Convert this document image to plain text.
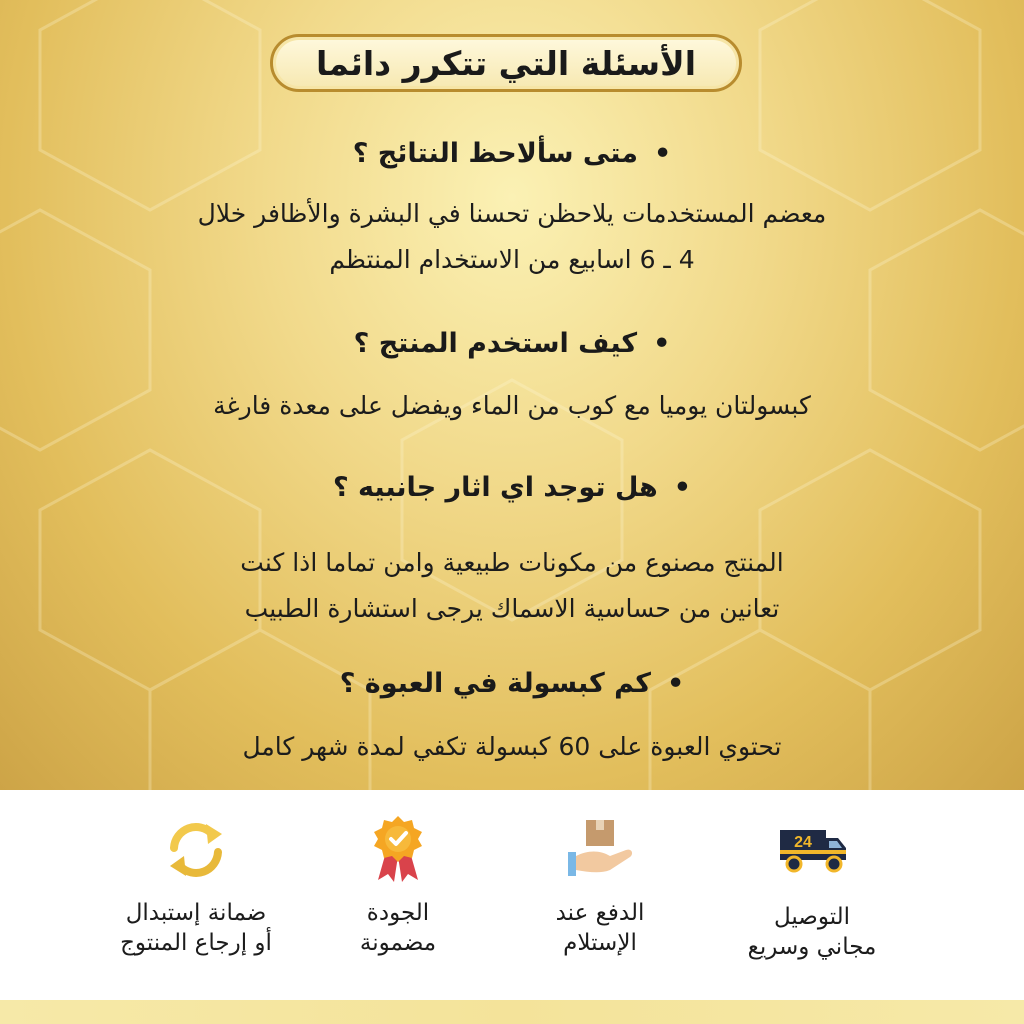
الأسئلة التي تتكرر دائما
•متى سألاحظ النتائج ؟
معضم المستخدمات يلاحظن تحسنا في البشرة والأظافر خلال
4 ـ 6 اسابيع من الاستخدام المنتظم
•كيف استخدم المنتج ؟
كبسولتان يوميا مع كوب من الماء ويفضل على معدة فارغة
•هل توجد اي اثار جانبيه ؟
المنتج مصنوع من مكونات طبيعية وامن تماما اذا كنت
تعانين من حساسية الاسماك يرجى استشارة الطبيب
•كم كبسولة في العبوة ؟
تحتوي العبوة على 60 كبسولة تكفي لمدة شهر كامل
24
التوصيل
مجاني وسريع
الدفع عند
الإستلام
الجودة
مضمونة
ضمانة إستبدال
أو إرجاع المنتوج
